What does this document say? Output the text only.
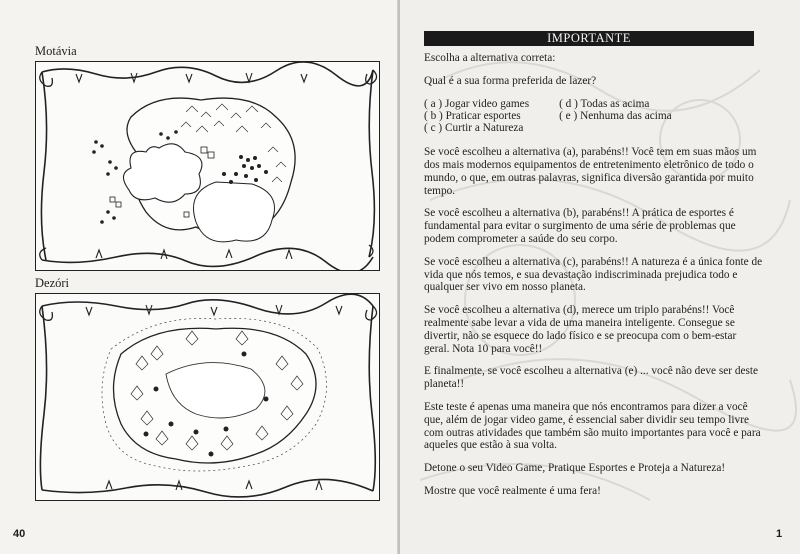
Motávia
Dezóri
40
IMPORTANTE

Escolha a alternativa correta:

Qual é a sua forma preferida de lazer?

( a ) Jogar video games
( b ) Praticar esportes
( c ) Curtir a Natureza
( d ) Todas as acima
( e ) Nenhuma das acima

Se você escolheu a alternativa (a), parabéns!! Você tem em suas mãos um dos mais modernos equipamentos de entretenimento eletrônico de todo o mundo, o que, em outras palavras, significa diversão garantida por muito tempo.

Se você escolheu a alternativa (b), parabéns!! A prática de esportes é fundamental para evitar o surgimento de uma série de problemas que podem comprometer a saúde do seu corpo.

Se você escolheu a alternativa (c), parabéns!! A natureza é a única fonte de vida que nós temos, e sua devastação indiscriminada prejudica todo e qualquer ser vivo em nosso planeta.

Se você escolheu a alternativa (d), merece um triplo parabéns!! Você realmente sabe levar a vida de uma maneira inteligente. Consegue se divertir, não se esquece do lado físico e se preocupa com o bem-estar geral. Nota 10 para você!!

E finalmente, se você escolheu a alternativa (e) ... você não deve ser deste planeta!!

Este teste é apenas uma maneira que nós encontramos para dizer a você que, além de jogar video game, é essencial saber dividir seu tempo livre com outras atividades que também são muito importantes para você e para aqueles que estão à sua volta.

Detone o seu Video Game, Pratique Esportes e Proteja a Natureza!

Mostre que você realmente é uma fera!

1
